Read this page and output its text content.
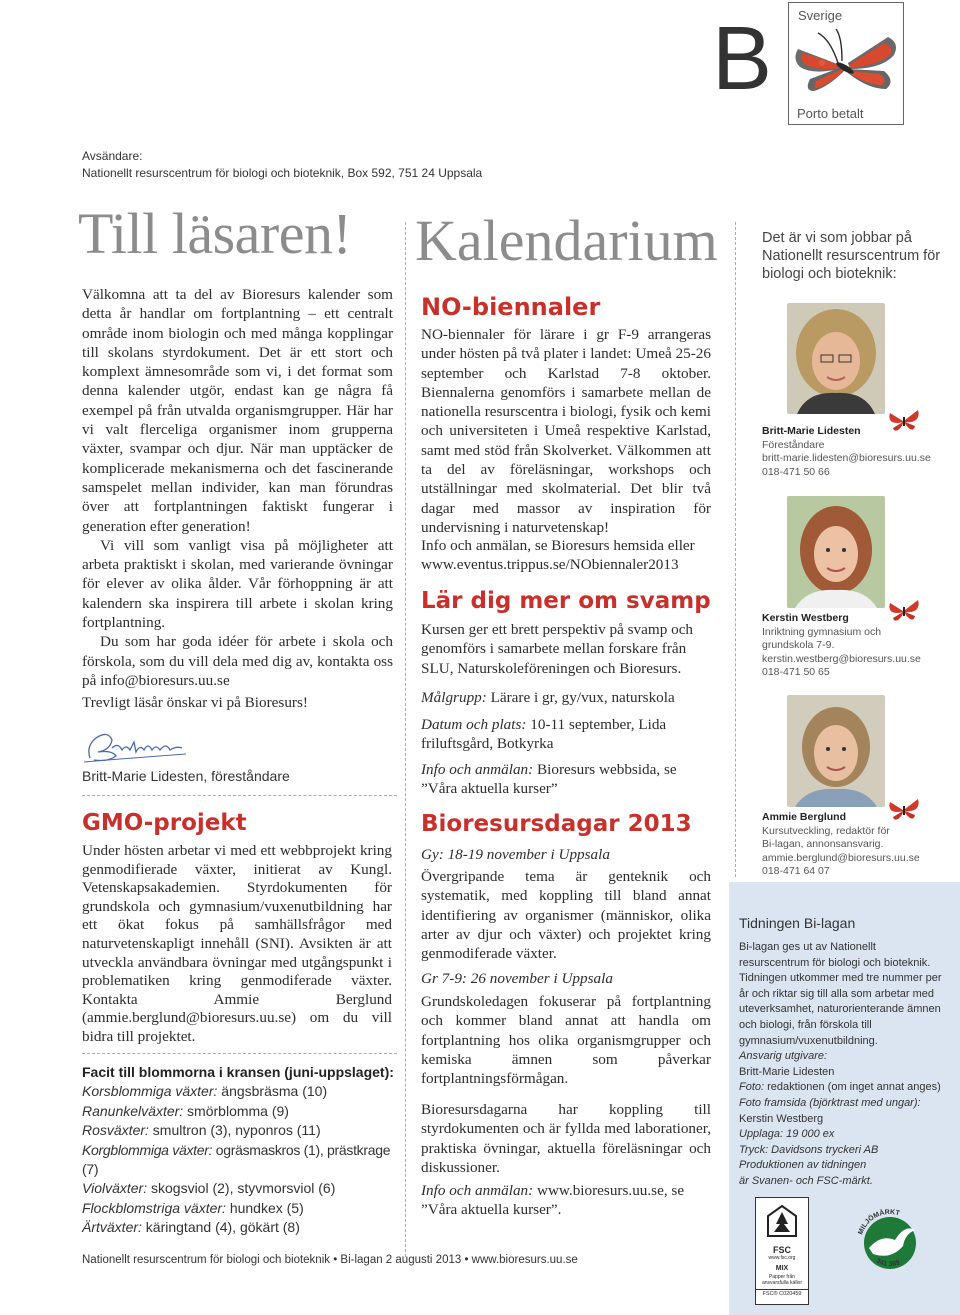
B Sverige
Porto betalt
Avsändare:
Nationellt resurscentrum för biologi och bioteknik, Box 592, 751 24 Uppsala
Till läsaren!

Välkomna att ta del av Bioresurs kalender som detta år handlar om fortplantning – ett centralt område inom biologin och med många kopplingar till skolans styrdokument. Det är ett stort och komplext ämnesområde som vi, i det format som denna kalender utgör, endast kan ge några få exempel på från utvalda organismgrupper. Här har vi valt flerceliga organismer inom grupperna växter, svampar och djur. När man upptäcker de komplicerade mekanismerna och det fascinerande samspelet mellan individer, kan man förundras över att fortplantningen faktiskt fungerar i generation efter generation!

Vi vill som vanligt visa på möjligheter att arbeta praktiskt i skolan, med varierande övningar för elever av olika ålder. Vår förhoppning är att kalendern ska inspirera till arbete i skolan kring fortplantning.

Du som har goda idéer för arbete i skola och förskola, som du vill dela med dig av, kontakta oss på info@bioresurs.uu.se

Trevligt läsår önskar vi på Bioresurs!

Britt-Marie Lidesten, föreståndare
GMO-projekt
Under hösten arbetar vi med ett webbprojekt kring genmodifierade växter, initierat av Kungl. Vetenskapsakademien. Styrdokumenten för grundskola och gymnasium/vuxenutbildning har ett ökat fokus på samhällsfrågor med naturvetenskapligt innehåll (SNI). Avsikten är att utveckla användbara övningar med utgångspunkt i problematiken kring genmodiferade växter. Kontakta Ammie Berglund (ammie.berglund@bioresurs.uu.se) om du vill bidra till projektet.
Facit till blommorna i kransen (juni-uppslaget):
Korsblommiga växter: ängsbräsma (10)
Ranunkelväxter: smörblomma (9)
Rosväxter: smultron (3), nyponros (11)
Korgblommiga växter: ogräsmaskros (1), prästkrage (7)
Violväxter: skogsviol (2), styvmorsviol (6)
Flockblomstriga växter: hundkex (5)
Ärtväxter: käringtand (4), gökärt (8)
Kalendarium
NO-biennaler
NO-biennaler för lärare i gr F-9 arrangeras under hösten på två plater i landet: Umeå 25-26 september och Karlstad 7-8 oktober. Biennalerna genomförs i samarbete mellan de nationella resurscentra i biologi, fysik och kemi och universiteten i Umeå respektive Karlstad, samt med stöd från Skolverket. Välkommen att ta del av föreläsningar, workshops och utställningar med skolmaterial. Det blir två dagar med massor av inspiration för undervisning i naturvetenskap!
Info och anmälan, se Bioresurs hemsida eller www.eventus.trippus.se/NObiennaler2013
Lär dig mer om svamp
Kursen ger ett brett perspektiv på svamp och genomförs i samarbete mellan forskare från SLU, Naturskoleföreningen och Bioresurs.
Målgrupp: Lärare i gr, gy/vux, naturskola
Datum och plats: 10-11 september, Lida friluftsgård, Botkyrka
Info och anmälan: Bioresurs webbsida, se ”Våra aktuella kurser”
Bioresursdagar 2013
Gy: 18-19 november i Uppsala
Övergripande tema är genteknik och systematik, med koppling till bland annat identifiering av organismer (människor, olika arter av djur och växter) och projektet kring genmodiferade växter.
Gr 7-9: 26 november i Uppsala
Grundskoledagen fokuserar på fortplantning och kommer bland annat att handla om fortplantning hos olika organismgrupper och kemiska ämnen som påverkar fortplantningsförmågan.
Bioresursdagarna har koppling till styrdokumenten och är fyllda med laborationer, praktiska övningar, aktuella föreläsningar och diskussioner.
Info och anmälan: www.bioresurs.uu.se, se ”Våra aktuella kurser”.
Det är vi som jobbar på Nationellt resurscentrum för biologi och bioteknik:
Britt-Marie Lidesten
Föreståndare
britt-marie.lidesten@bioresurs.uu.se
018-471 50 66
Kerstin Westberg
Inriktning gymnasium och grundskola 7-9.
kerstin.westberg@bioresurs.uu.se
018-471 50 65
Ammie Berglund
Kursutveckling, redaktör för Bi-lagan, annonsansvarig.
ammie.berglund@bioresurs.uu.se
018-471 64 07
Tidningen Bi-lagan
Bi-lagan ges ut av Nationellt resurscentrum för biologi och bioteknik. Tidningen utkommer med tre nummer per år och riktar sig till alla som arbetar med uteverksamhet, naturorienterande ämnen och biologi, från förskola till gymnasium/vuxenutbildning.
Ansvarig utgivare:
Britt-Marie Lidesten
Foto: redaktionen (om inget annat anges)
Foto framsida (björktrast med ungar):
Kerstin Westberg
Upplaga: 19 000 ex
Tryck: Davidsons tryckeri AB
Produktionen av tidningen är Svanen- och FSC-märkt.
FSC
www.fsc.org
MIX
Papper från ansvarsfulla källor
FSC® C020459
MILJÖMÄRKT
341 369
Nationellt resurscentrum för biologi och bioteknik • Bi-lagan 2 augusti 2013 • www.bioresurs.uu.se
